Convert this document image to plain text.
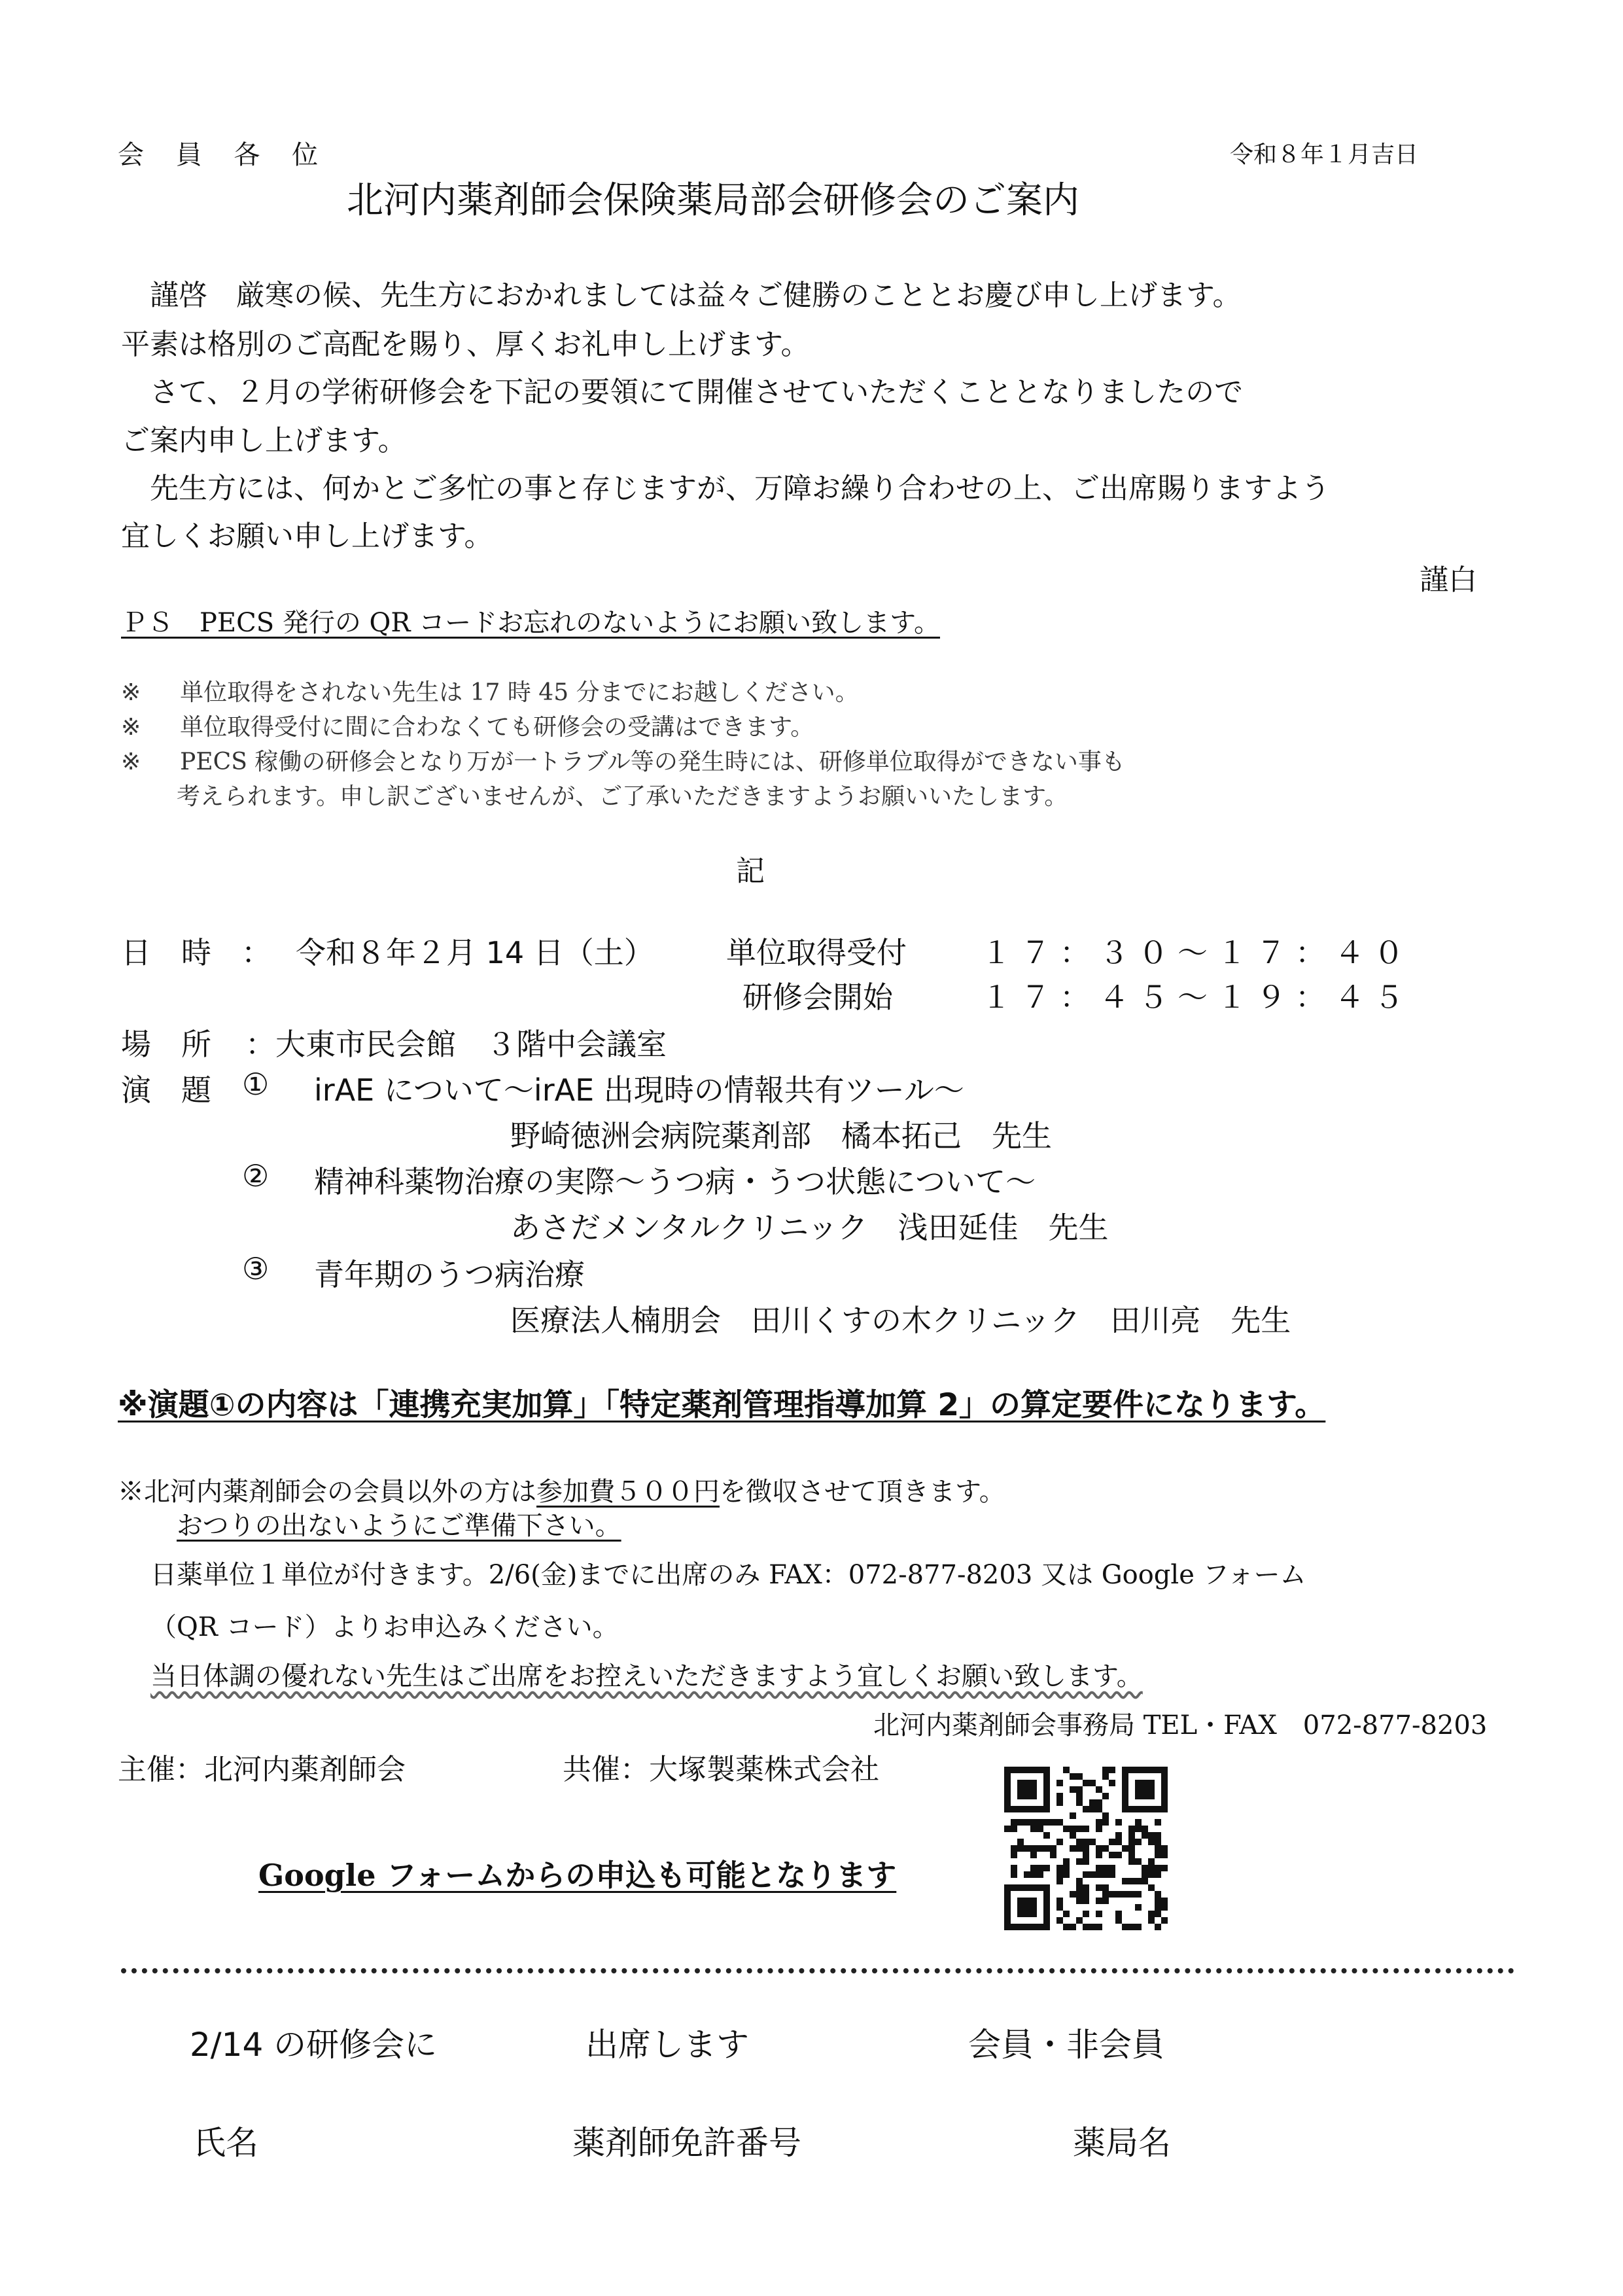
会 員 各 位	令和８年１月吉日
北河内薬剤師会保険薬局部会研修会のご案内
　謹啓　厳寒の候、先生方におかれましては益々ご健勝のこととお慶び申し上げます。
平素は格別のご高配を賜り、厚くお礼申し上げます。
　さて、２月の学術研修会を下記の要領にて開催させていただくこととなりましたので
ご案内申し上げます。
　先生方には、何かとご多忙の事と存じますが、万障お繰り合わせの上、ご出席賜りますよう
宜しくお願い申し上げます。
謹白
ＰＳ　PECS 発行の QR コードお忘れのないようにお願い致します。
※ 単位取得をされない先生は 17 時 45 分までにお越しください。
※ 単位取得受付に間に合わなくても研修会の受講はできます。
※ PECS 稼働の研修会となり万が一トラブル等の発生時には、研修単位取得ができない事も
考えられます。申し訳ございませんが、ご了承いただきますようお願いいたします。
記
日　時　： 令和８年２月 14 日（土） 単位取得受付 １７：３０～１７：４０
研修会開始	１７：４５～１９：４５
場　所 ：大東市民会館　３階中会議室
演　題 ① irAE について～irAE 出現時の情報共有ツール～
野崎徳洲会病院薬剤部　橘本拓己　先生
② 精神科薬物治療の実際～うつ病・うつ状態について～
あさだメンタルクリニック　浅田延佳　先生
③ 青年期のうつ病治療
医療法人楠朋会　田川くすの木クリニック　田川亮　先生
※演題①の内容は「連携充実加算」「特定薬剤管理指導加算 2」の算定要件になります。
※北河内薬剤師会の会員以外の方は参加費５００円を徴収させて頂きます。
おつりの出ないようにご準備下さい。
日薬単位１単位が付きます。2/6(金)までに出席のみ FAX：072-877-8203 又は Google フォーム
（QR コード）よりお申込みください。
当日体調の優れない先生はご出席をお控えいただきますよう宜しくお願い致します。
北河内薬剤師会事務局 TEL・FAX　072-877-8203
主催：北河内薬剤師会	共催：大塚製薬株式会社
Google フォームからの申込も可能となります
2/14 の研修会に	出席します	会員・非会員
氏名	薬剤師免許番号	薬局名
